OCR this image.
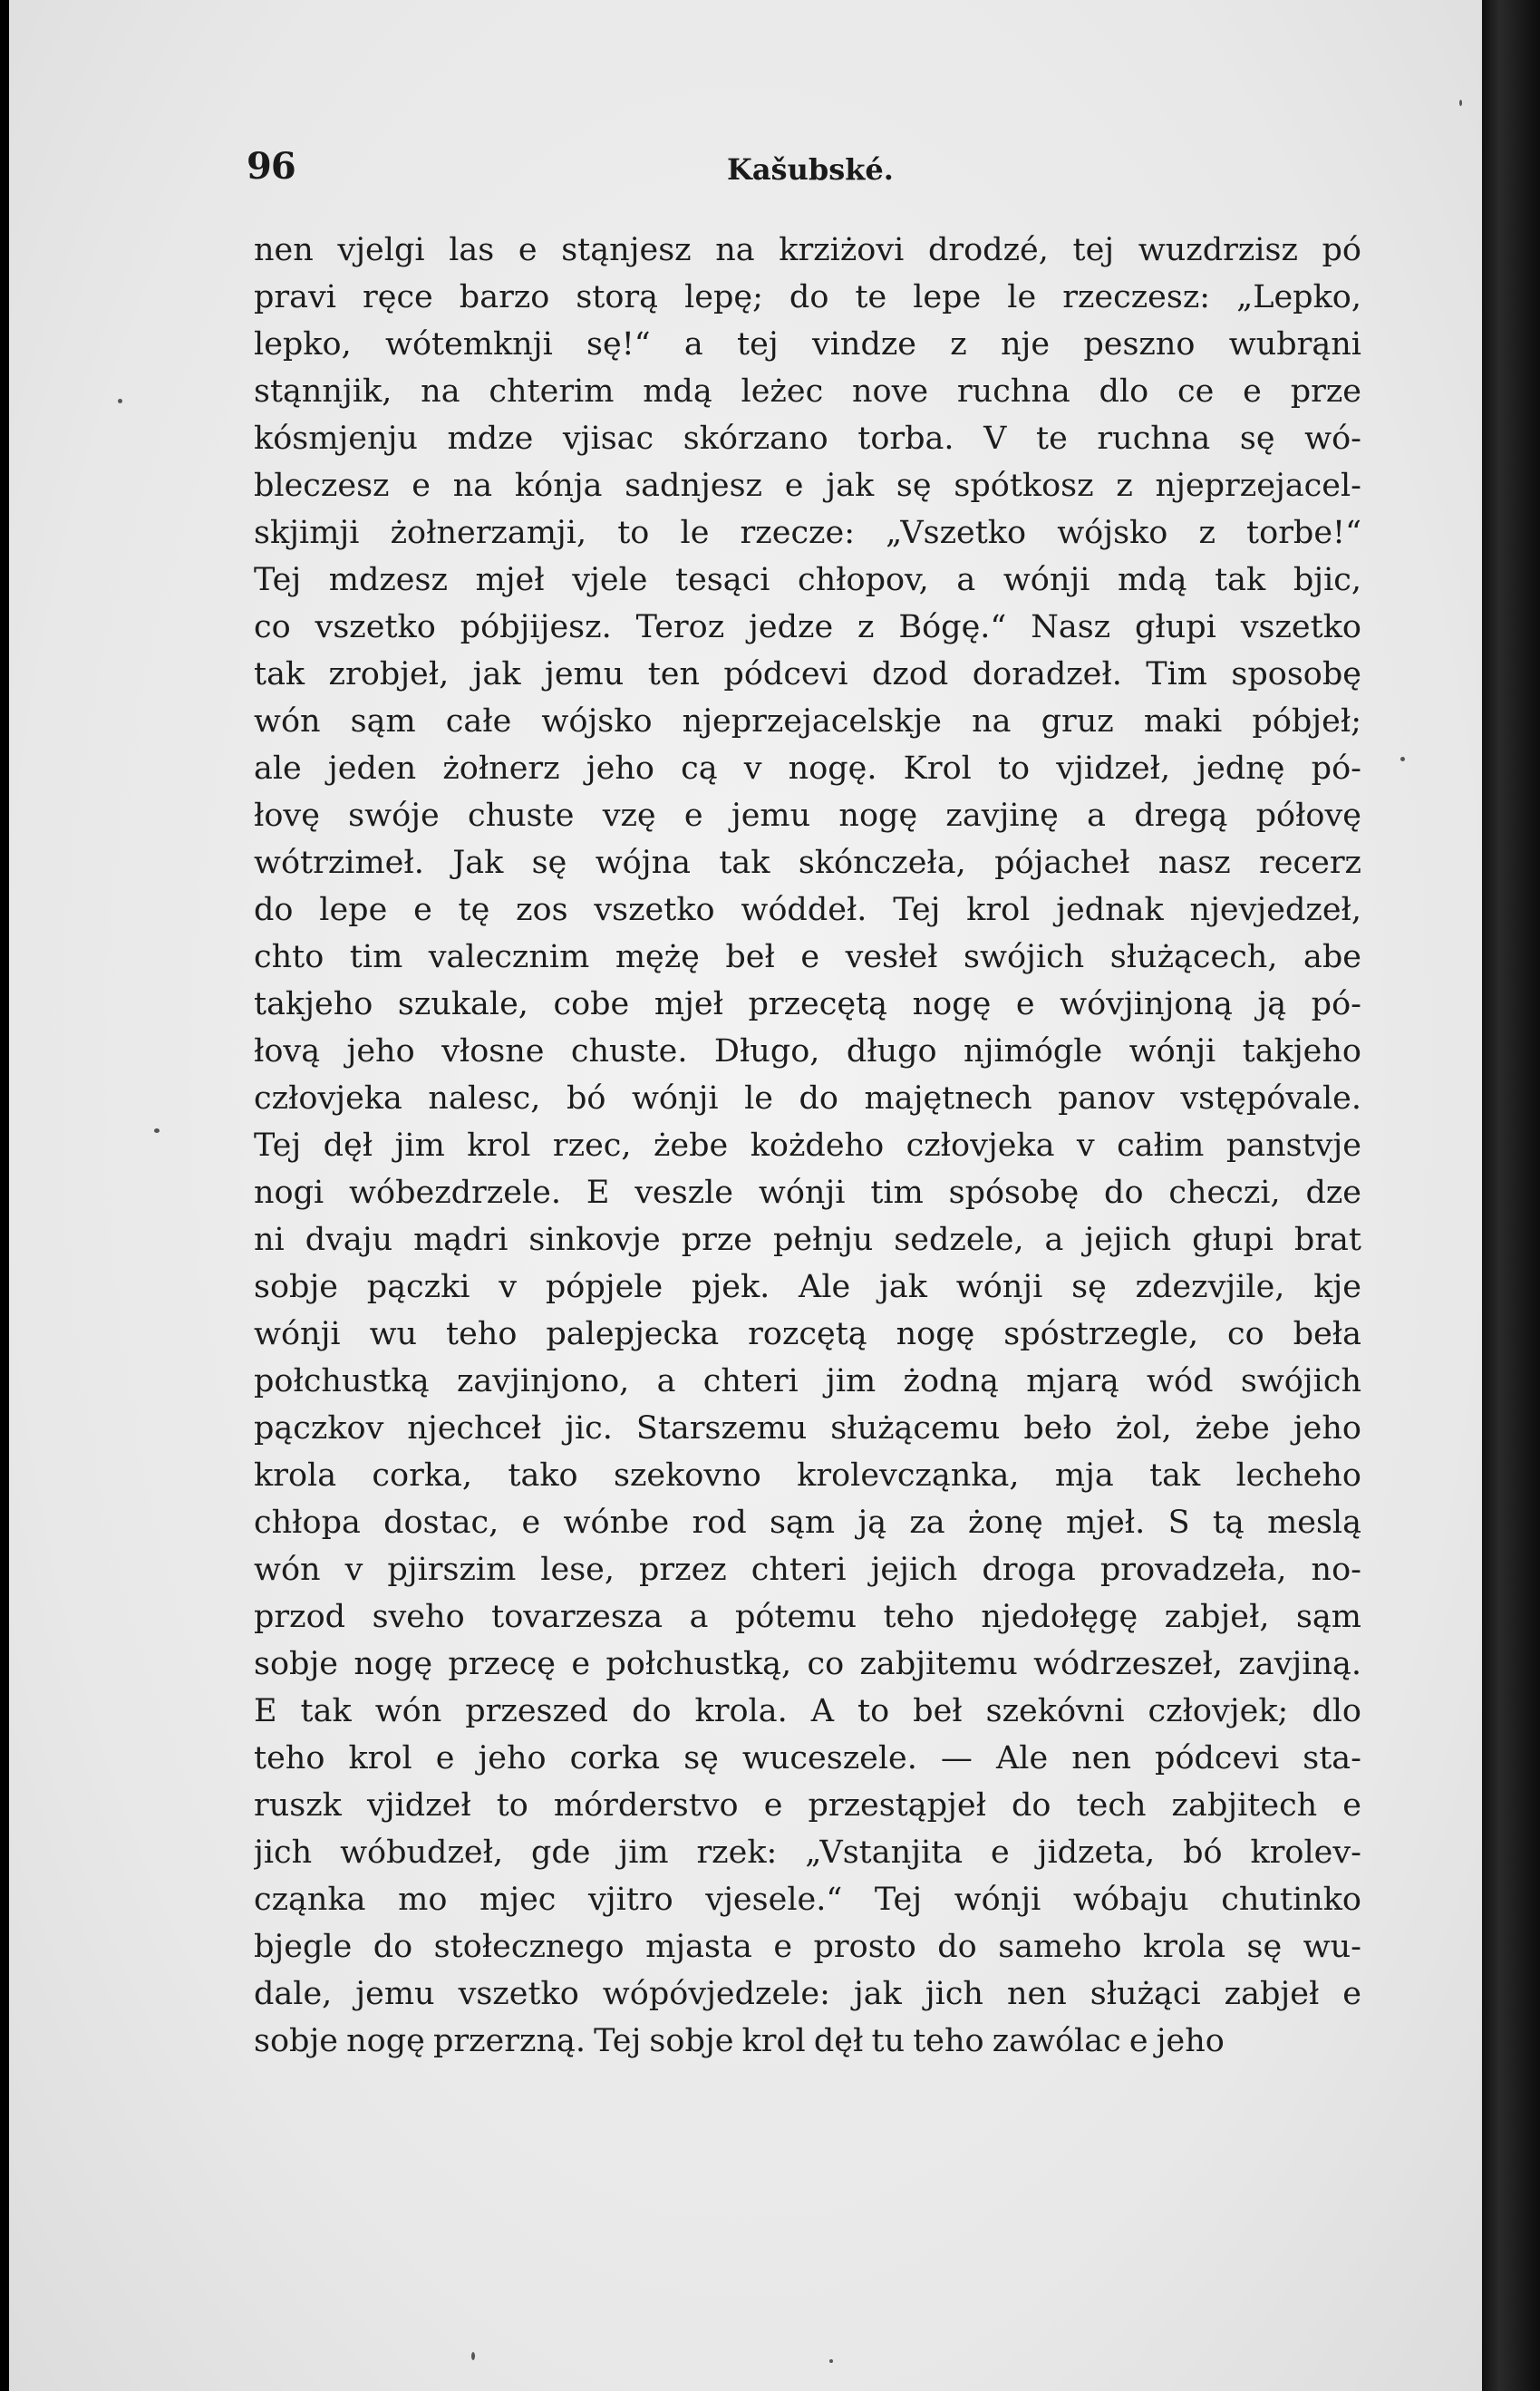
96	Kašubské.
nen vjelgi las e stąnjesz na krziżovi drodzé, tej wuzdrzisz pó
pravi ręce barzo storą lepę; do te lepe le rzeczesz: „Lepko,
lepko, wótemknji sę!“ a tej vindze z nje peszno wubrąni
stąnnjik, na chterim mdą leżec nove ruchna dlo ce e prze
kósmjenju mdze vjisac skórzano torba. V te ruchna sę wó-
bleczesz e na kónja sadnjesz e jak sę spótkosz z njeprzejacel-
skjimji żołnerzamji, to le rzecze: „Vszetko wójsko z torbe!“
Tej mdzesz mjeł vjele tesąci chłopov, a wónji mdą tak bjic,
co vszetko póbjijesz. Teroz jedze z Bógę.“ Nasz głupi vszetko
tak zrobjeł, jak jemu ten pódcevi dzod doradzeł. Tim sposobę
wón sąm całe wójsko njeprzejacelskje na gruz maki póbjeł;
ale jeden żołnerz jeho cą v nogę. Krol to vjidzeł, jednę pó-
łovę swóje chuste vzę e jemu nogę zavjinę a dregą półovę
wótrzimeł. Jak sę wójna tak skónczeła, pójacheł nasz recerz
do lepe e tę zos vszetko wóddeł. Tej krol jednak njevjedzeł,
chto tim valecznim mężę beł e vesłeł swójich służącech, abe
takjeho szukale, cobe mjeł przecętą nogę e wóvjinjoną ją pó-
łovą jeho vłosne chuste. Długo, długo njimógle wónji takjeho
człovjeka nalesc, bó wónji le do majętnech panov vstępóvale.
Tej dęł jim krol rzec, żebe kożdeho człovjeka v całim panstvje
nogi wóbezdrzele. E veszle wónji tim spósobę do checzi, dze
ni dvaju mądri sinkovje prze pełnju sedzele, a jejich głupi brat
sobje pączki v pópjele pjek. Ale jak wónji sę zdezvjile, kje
wónji wu teho palepjecka rozcętą nogę spóstrzegle, co beła
połchustką zavjinjono, a chteri jim żodną mjarą wód swójich
pączkov njechceł jic. Starszemu służącemu beło żol, żebe jeho
krola corka, tako szekovno krolevcząnka, mja tak lecheho
chłopa dostac, e wónbe rod sąm ją za żonę mjeł. S tą meslą
wón v pjirszim lese, przez chteri jejich droga provadzeła, no-
przod sveho tovarzesza a pótemu teho njedołęgę zabjeł, sąm
sobje nogę przecę e połchustką, co zabjitemu wódrzeszeł, zavjiną.
E tak wón przeszed do krola. A to beł szekóvni człovjek; dlo
teho krol e jeho corka sę wuceszele. — Ale nen pódcevi sta-
ruszk vjidzeł to mórderstvo e przestąpjeł do tech zabjitech e
jich wóbudzeł, gde jim rzek: „Vstanjita e jidzeta, bó krolev-
cząnka mo mjec vjitro vjesele.“ Tej wónji wóbaju chutinko
bjegle do stołecznego mjasta e prosto do sameho krola sę wu-
dale, jemu vszetko wópóvjedzele: jak jich nen służąci zabjeł e
sobje nogę przerzną. Tej sobje krol dęł tu teho zawólac e jeho
